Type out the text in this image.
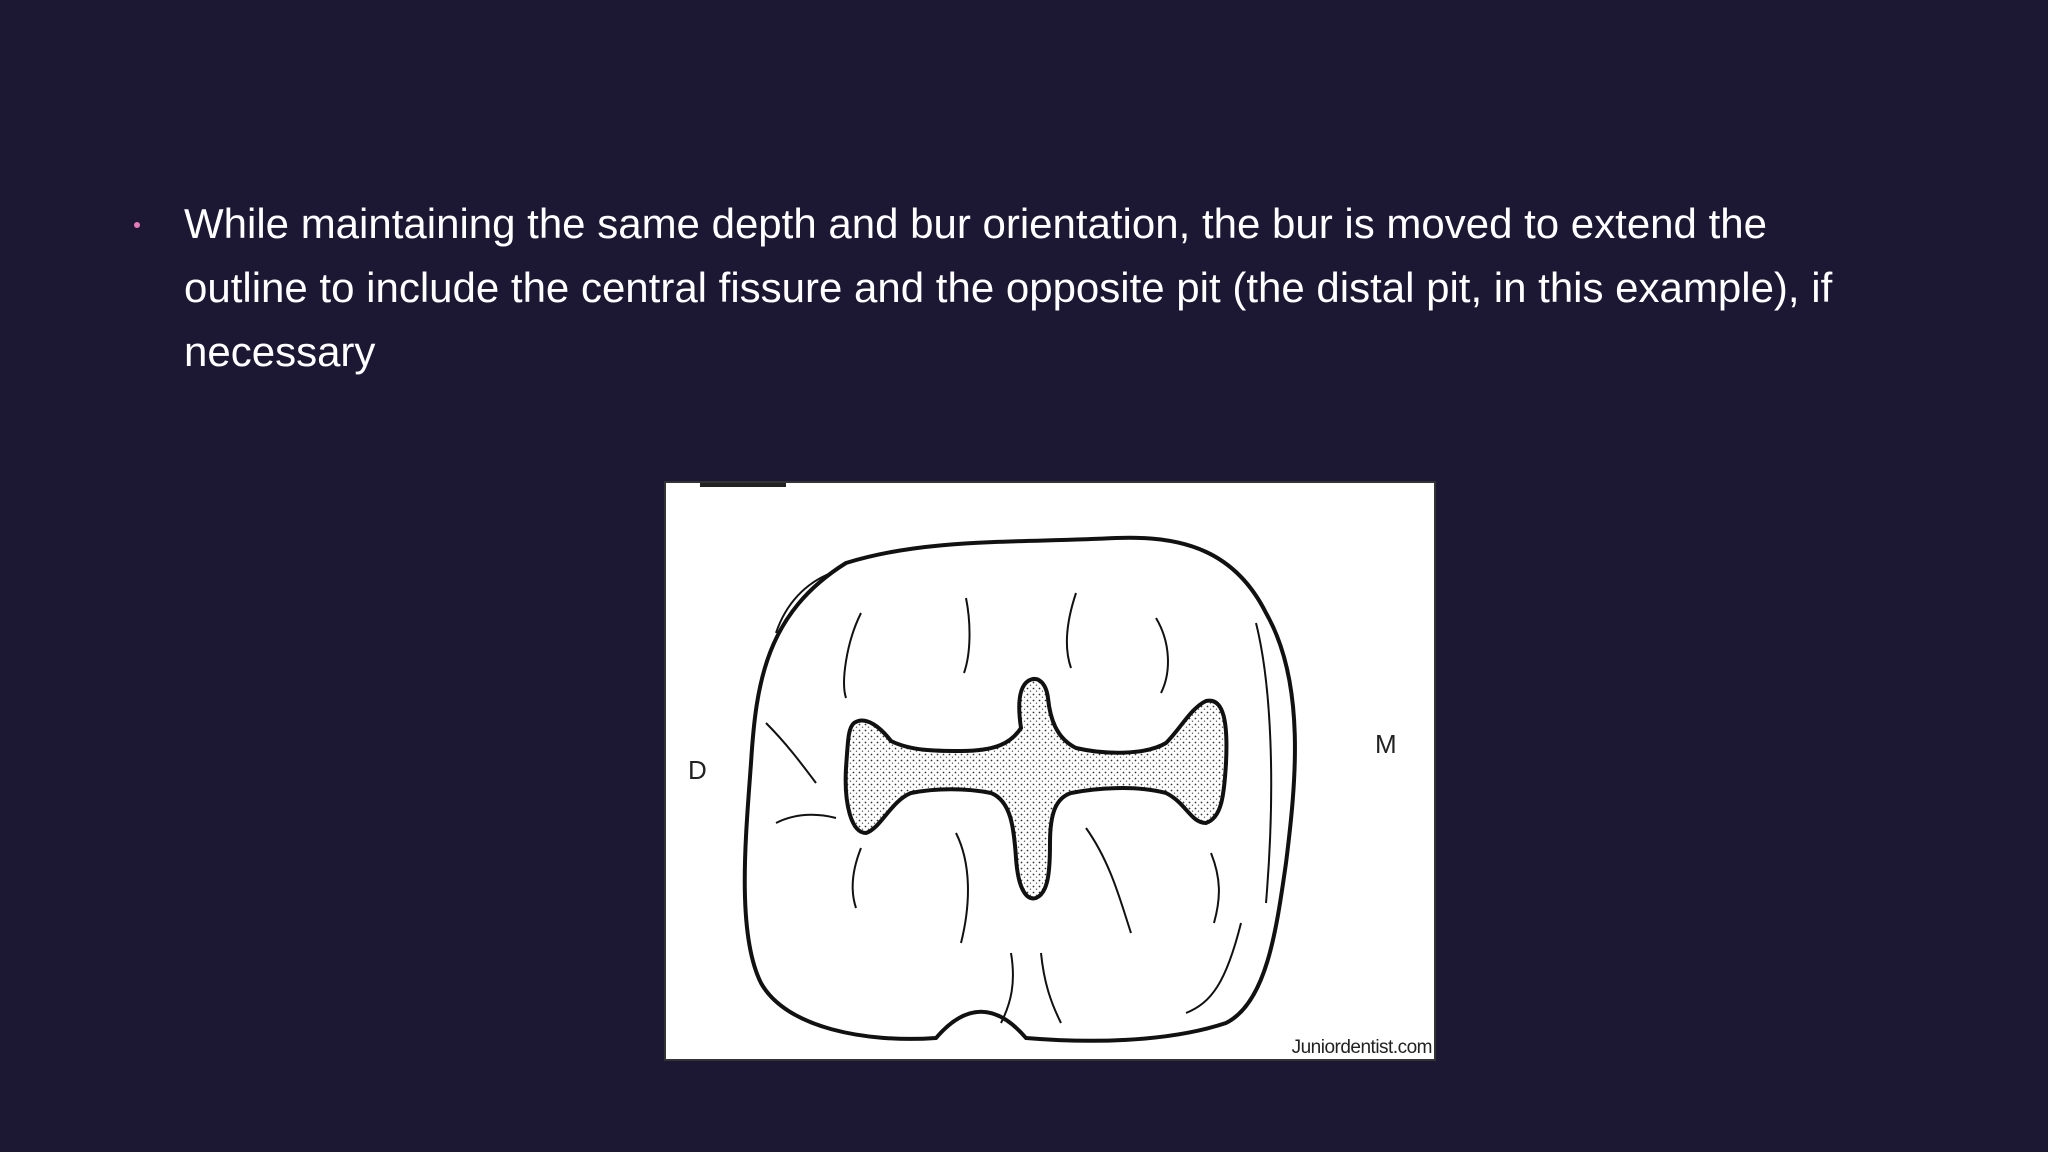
While maintaining the same depth and bur orientation, the bur is moved to extend the outline to include the central fissure and the opposite pit (the distal pit, in this example), if necessary

D
M
Juniordentist.com
